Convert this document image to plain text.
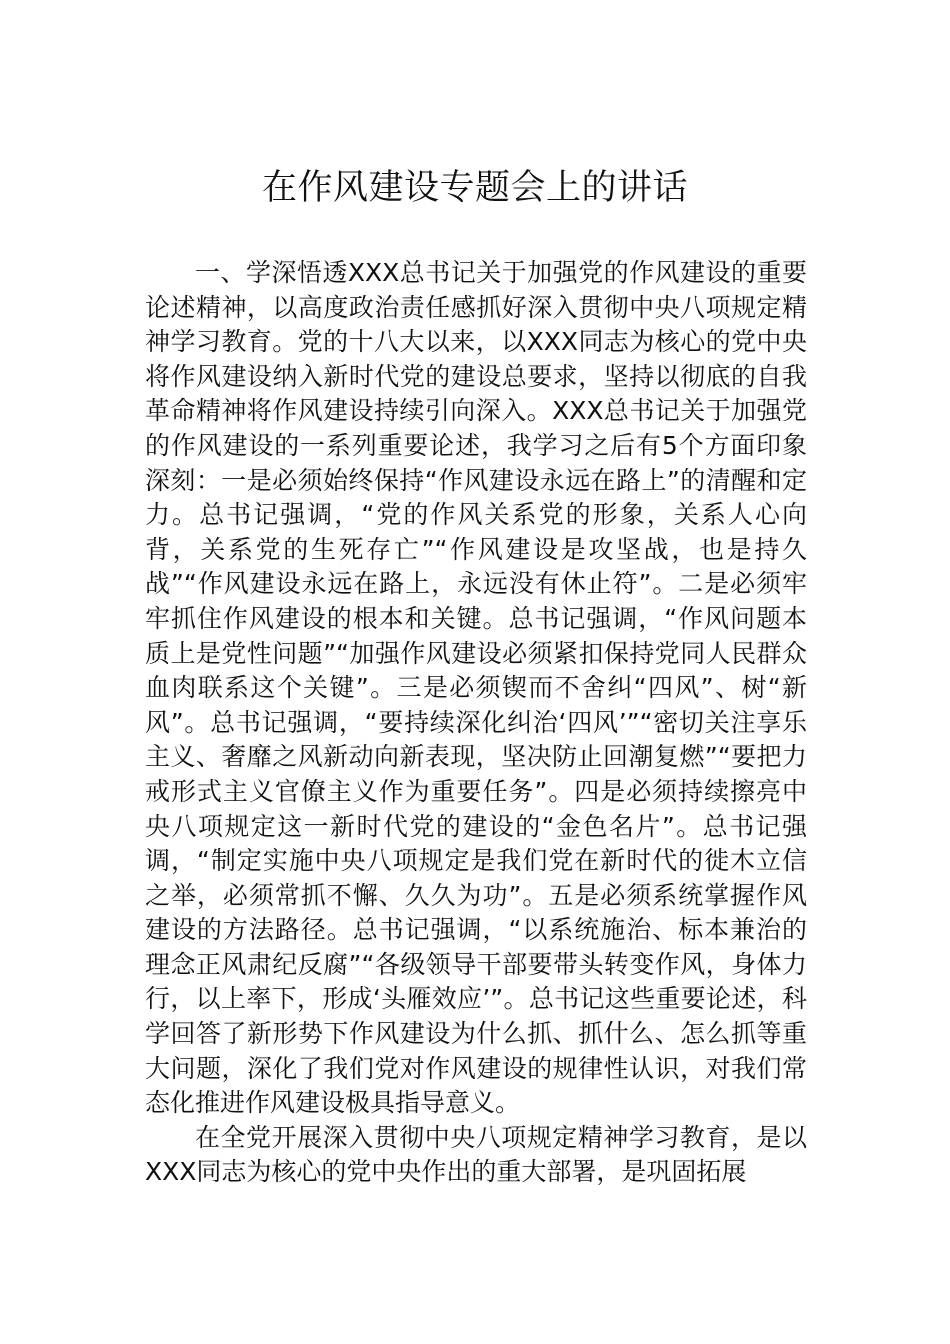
在作风建设专题会上的讲话

一、学深悟透XXX总书记关于加强党的作风建设的重要论述精神，以高度政治责任感抓好深入贯彻中央八项规定精神学习教育。党的十八大以来，以XXX同志为核心的党中央将作风建设纳入新时代党的建设总要求，坚持以彻底的自我革命精神将作风建设持续引向深入。XXX总书记关于加强党的作风建设的一系列重要论述，我学习之后有5个方面印象深刻：一是必须始终保持“作风建设永远在路上”的清醒和定力。总书记强调，“党的作风关系党的形象，关系人心向背，关系党的生死存亡”“作风建设是攻坚战，也是持久战”“作风建设永远在路上，永远没有休止符”。二是必须牢牢抓住作风建设的根本和关键。总书记强调，“作风问题本质上是党性问题”“加强作风建设必须紧扣保持党同人民群众血肉联系这个关键”。三是必须锲而不舍纠“四风”、树“新风”。总书记强调，“要持续深化纠治‘四风’”“密切关注享乐主义、奢靡之风新动向新表现，坚决防止回潮复燃”“要把力戒形式主义官僚主义作为重要任务”。四是必须持续擦亮中央八项规定这一新时代党的建设的“金色名片”。总书记强调，“制定实施中央八项规定是我们党在新时代的徙木立信之举，必须常抓不懈、久久为功”。五是必须系统掌握作风建设的方法路径。总书记强调，“以系统施治、标本兼治的理念正风肃纪反腐”“各级领导干部要带头转变作风，身体力行，以上率下，形成‘头雁效应’”。总书记这些重要论述，科学回答了新形势下作风建设为什么抓、抓什么、怎么抓等重大问题，深化了我们党对作风建设的规律性认识，对我们常态化推进作风建设极具指导意义。

在全党开展深入贯彻中央八项规定精神学习教育，是以XXX同志为核心的党中央作出的重大部署，是巩固拓展
